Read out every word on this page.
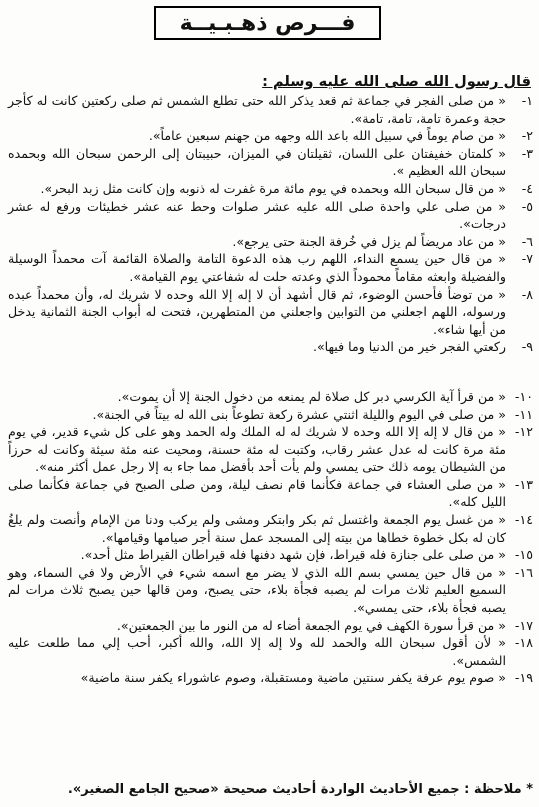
فـــرص ذهـبـيــة
قال رسول الله صلى الله عليه وسلم :
-١
« من صلى الفجر في جماعة ثم قعد يذكر الله حتى تطلع الشمس ثم صلى ركعتين كانت له كأجر حجة وعمرة تامة، تامة، تامة».
-٢
« من صام يوماً في سبيل الله باعد الله وجهه من جهنم سبعين عاماً».
-٣
« كلمتان خفيفتان على اللسان، ثقيلتان في الميزان، حبيبتان إلى الرحمن سبحان الله وبحمده سبحان الله العظيم ».
-٤
« من قال سبحان الله وبحمده في يوم مائة مرة غفرت له ذنوبه وإن كانت مثل زبد البحر».
-٥
« من صلى علي واحدة صلى الله عليه عشر صلوات وحط عنه عشر خطيئات ورفع له عشر درجات».
-٦
« من عاد مريضاً لم يزل في خُرفة الجنة حتى يرجع».
-٧
« من قال حين يسمع النداء، اللهم رب هذه الدعوة التامة والصلاة القائمة آت محمداً الوسيلة والفضيلة وابعثه مقاماً محموداً الذي وعدته حلت له شفاعتي يوم القيامة».
-٨
« من توضأ فأحسن الوضوء، ثم قال أشهد أن لا إله إلا الله وحده لا شريك له، وأن محمداً عبده ورسوله، اللهم اجعلني من التوابين واجعلني من المتطهرين، فتحت له أبواب الجنة الثمانية يدخل من أيها شاء».
-٩
ركعتي الفجر خير من الدنيا وما فيها».
-١٠
« من قرأ آية الكرسي دبر كل صلاة لم يمنعه من دخول الجنة إلا أن يموت».
-١١
« من صلى في اليوم والليلة اثنتي عشرة ركعة تطوعاً بنى الله له بيتاً في الجنة».
-١٢
« من قال لا إله إلا الله وحده لا شريك له له الملك وله الحمد وهو على كل شيء قدير، في يوم مئة مرة كانت له عدل عشر رقاب، وكتبت له مئة حسنة، ومحيت عنه مئة سيئة وكانت له حرزاً من الشيطان يومه ذلك حتى يمسي ولم يأت أحد بأفضل مما جاء به إلا رجل عمل أكثر منه».
-١٣
« من صلى العشاء في جماعة فكأنما قام نصف ليلة، ومن صلى الصبح في جماعة فكأنما صلى الليل كله».
-١٤
« من غسل يوم الجمعة واغتسل ثم بكر وابتكر ومشى ولم يركب ودنا من الإمام وأنصت ولم يلغُ كان له بكل خطوة خطاها من بيته إلى المسجد عمل سنة أجر صيامها وقيامها».
-١٥
« من صلى على جنازة فله قيراط، فإن شهد دفنها فله قيراطان القيراط مثل أحد».
-١٦
« من قال حين يمسي بسم الله الذي لا يضر مع اسمه شيء في الأرض ولا في السماء، وهو السميع العليم ثلاث مرات لم يصبه فجأة بلاء، حتى يصبح، ومن قالها حين يصبح ثلاث مرات لم يصبه فجأة بلاء، حتى يمسي».
-١٧
« من قرأ سورة الكهف في يوم الجمعة أضاء له من النور ما بين الجمعتين».
-١٨
« لأن أقول سبحان الله والحمد لله ولا إله إلا الله، والله أكبر، أحب إلي مما طلعت عليه الشمس».
-١٩
« صوم يوم عرفة يكفر سنتين ماضية ومستقبلة، وصوم عاشوراء يكفر سنة ماضية»
* ملاحظة : جميع الأحاديث الواردة أحاديث صحيحة «صحيح الجامع الصغير».
